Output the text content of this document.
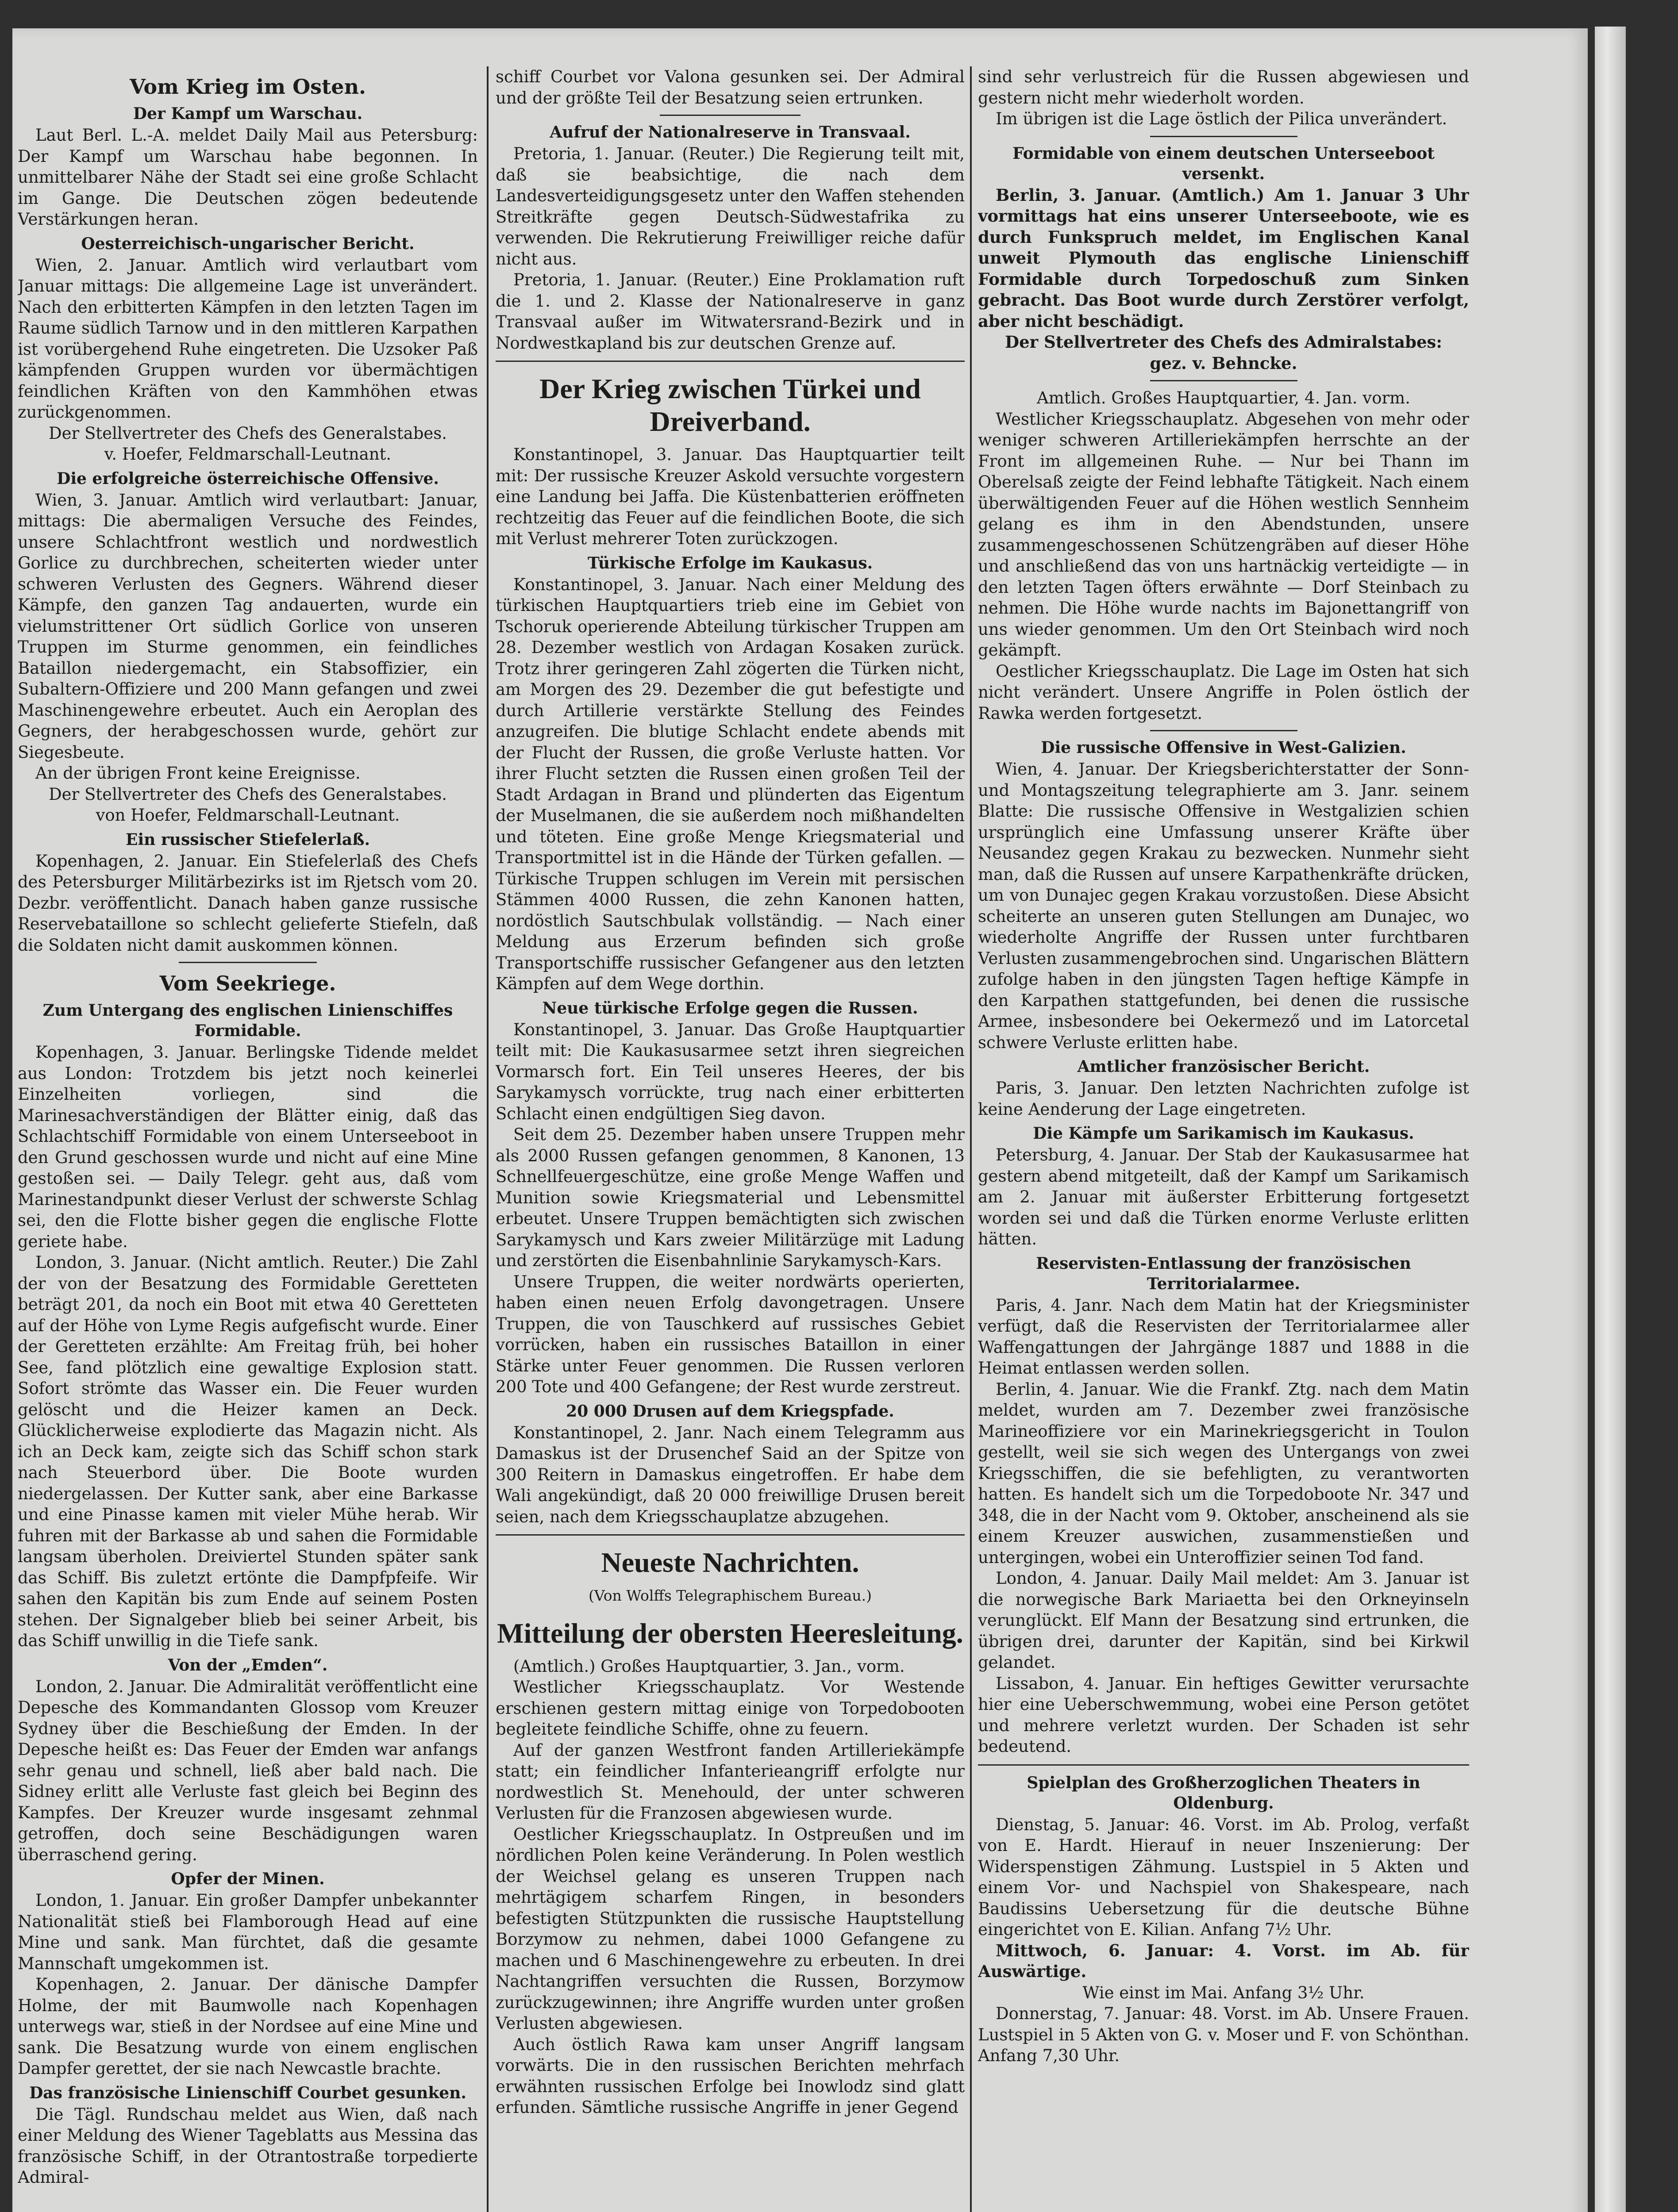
Vom Krieg im Osten.
Der Kampf um Warschau.

Laut Berl. L.-A. meldet Daily Mail aus Petersburg: Der Kampf um Warschau habe begonnen. In unmittelbarer Nähe der Stadt sei eine große Schlacht im Gange. Die Deutschen zögen bedeutende Verstärkungen heran.

Oesterreichisch-ungarischer Bericht.

Wien, 2. Januar. Amtlich wird verlautbart vom Januar mittags: Die allgemeine Lage ist unverändert. Nach den erbitterten Kämpfen in den letzten Tagen im Raume südlich Tarnow und in den mittleren Karpathen ist vorübergehend Ruhe eingetreten. Die Uzsoker Paß kämpfenden Gruppen wurden vor übermächtigen feindlichen Kräften von den Kammhöhen etwas zurückgenommen.

Der Stellvertreter des Chefs des Generalstabes.

v. Hoefer, Feldmarschall-Leutnant.

Die erfolgreiche österreichische Offensive.

Wien, 3. Januar. Amtlich wird verlautbart: Januar, mittags: Die abermaligen Versuche des Feindes, unsere Schlachtfront westlich und nordwestlich Gorlice zu durchbrechen, scheiterten wieder unter schweren Verlusten des Gegners. Während dieser Kämpfe, den ganzen Tag andauerten, wurde ein vielumstrittener Ort südlich Gorlice von unseren Truppen im Sturme genommen, ein feindliches Bataillon niedergemacht, ein Stabsoffizier, ein Subaltern-Offiziere und 200 Mann gefangen und zwei Maschinengewehre erbeutet. Auch ein Aeroplan des Gegners, der herabgeschossen wurde, gehört zur Siegesbeute.

An der übrigen Front keine Ereignisse.

Der Stellvertreter des Chefs des Generalstabes.

von Hoefer, Feldmarschall-Leutnant.

Ein russischer Stiefelerlaß.

Kopenhagen, 2. Januar. Ein Stiefelerlaß des Chefs des Petersburger Militärbezirks ist im Rjetsch vom 20. Dezbr. veröffentlicht. Danach haben ganze russische Reservebataillone so schlecht gelieferte Stiefeln, daß die Soldaten nicht damit auskommen können.

Vom Seekriege.
Zum Untergang des englischen Linienschiffes Formidable.

Kopenhagen, 3. Januar. Berlingske Tidende meldet aus London: Trotzdem bis jetzt noch keinerlei Einzelheiten vorliegen, sind die Marinesachverständigen der Blätter einig, daß das Schlachtschiff Formidable von einem Unterseeboot in den Grund geschossen wurde und nicht auf eine Mine gestoßen sei. — Daily Telegr. geht aus, daß vom Marinestandpunkt dieser Verlust der schwerste Schlag sei, den die Flotte bisher gegen die englische Flotte geriete habe.

London, 3. Januar. (Nicht amtlich. Reuter.) Die Zahl der von der Besatzung des Formidable Geretteten beträgt 201, da noch ein Boot mit etwa 40 Geretteten auf der Höhe von Lyme Regis aufgefischt wurde. Einer der Geretteten erzählte: Am Freitag früh, bei hoher See, fand plötzlich eine gewaltige Explosion statt. Sofort strömte das Wasser ein. Die Feuer wurden gelöscht und die Heizer kamen an Deck. Glücklicherweise explodierte das Magazin nicht. Als ich an Deck kam, zeigte sich das Schiff schon stark nach Steuerbord über. Die Boote wurden niedergelassen. Der Kutter sank, aber eine Barkasse und eine Pinasse kamen mit vieler Mühe herab. Wir fuhren mit der Barkasse ab und sahen die Formidable langsam überholen. Dreiviertel Stunden später sank das Schiff. Bis zuletzt ertönte die Dampfpfeife. Wir sahen den Kapitän bis zum Ende auf seinem Posten stehen. Der Signalgeber blieb bei seiner Arbeit, bis das Schiff unwillig in die Tiefe sank.

Von der „Emden“.

London, 2. Januar. Die Admiralität veröffentlicht eine Depesche des Kommandanten Glossop vom Kreuzer Sydney über die Beschießung der Emden. In der Depesche heißt es: Das Feuer der Emden war anfangs sehr genau und schnell, ließ aber bald nach. Die Sidney erlitt alle Verluste fast gleich bei Beginn des Kampfes. Der Kreuzer wurde insgesamt zehnmal getroffen, doch seine Beschädigungen waren überraschend gering.

Opfer der Minen.

London, 1. Januar. Ein großer Dampfer unbekannter Nationalität stieß bei Flamborough Head auf eine Mine und sank. Man fürchtet, daß die gesamte Mannschaft umgekommen ist.

Kopenhagen, 2. Januar. Der dänische Dampfer Holme, der mit Baumwolle nach Kopenhagen unterwegs war, stieß in der Nordsee auf eine Mine und sank. Die Besatzung wurde von einem englischen Dampfer gerettet, der sie nach Newcastle brachte.

Das französische Linienschiff Courbet gesunken.

Die Tägl. Rundschau meldet aus Wien, daß nach einer Meldung des Wiener Tageblatts aus Messina das französische Schiff, in der Otrantostraße torpedierte Admiral-

schiff Courbet vor Valona gesunken sei. Der Admiral und der größte Teil der Besatzung seien ertrunken.

Aufruf der Nationalreserve in Transvaal.

Pretoria, 1. Januar. (Reuter.) Die Regierung teilt mit, daß sie beabsichtige, die nach dem Landesverteidigungsgesetz unter den Waffen stehenden Streitkräfte gegen Deutsch-Südwestafrika zu verwenden. Die Rekrutierung Freiwilliger reiche dafür nicht aus.

Pretoria, 1. Januar. (Reuter.) Eine Proklamation ruft die 1. und 2. Klasse der Nationalreserve in ganz Transvaal außer im Witwatersrand-Bezirk und in Nordwestkapland bis zur deutschen Grenze auf.

Der Krieg zwischen Türkei und Dreiverband.

Konstantinopel, 3. Januar. Das Hauptquartier teilt mit: Der russische Kreuzer Askold versuchte vorgestern eine Landung bei Jaffa. Die Küstenbatterien eröffneten rechtzeitig das Feuer auf die feindlichen Boote, die sich mit Verlust mehrerer Toten zurückzogen.

Türkische Erfolge im Kaukasus.

Konstantinopel, 3. Januar. Nach einer Meldung des türkischen Hauptquartiers trieb eine im Gebiet von Tschoruk operierende Abteilung türkischer Truppen am 28. Dezember westlich von Ardagan Kosaken zurück. Trotz ihrer geringeren Zahl zögerten die Türken nicht, am Morgen des 29. Dezember die gut befestigte und durch Artillerie verstärkte Stellung des Feindes anzugreifen. Die blutige Schlacht endete abends mit der Flucht der Russen, die große Verluste hatten. Vor ihrer Flucht setzten die Russen einen großen Teil der Stadt Ardagan in Brand und plünderten das Eigentum der Muselmanen, die sie außerdem noch mißhandelten und töteten. Eine große Menge Kriegsmaterial und Transportmittel ist in die Hände der Türken gefallen. — Türkische Truppen schlugen im Verein mit persischen Stämmen 4000 Russen, die zehn Kanonen hatten, nordöstlich Sautschbulak vollständig. — Nach einer Meldung aus Erzerum befinden sich große Transportschiffe russischer Gefangener aus den letzten Kämpfen auf dem Wege dorthin.

Neue türkische Erfolge gegen die Russen.

Konstantinopel, 3. Januar. Das Große Hauptquartier teilt mit: Die Kaukasusarmee setzt ihren siegreichen Vormarsch fort. Ein Teil unseres Heeres, der bis Sarykamysch vorrückte, trug nach einer erbitterten Schlacht einen endgültigen Sieg davon.

Seit dem 25. Dezember haben unsere Truppen mehr als 2000 Russen gefangen genommen, 8 Kanonen, 13 Schnellfeuergeschütze, eine große Menge Waffen und Munition sowie Kriegsmaterial und Lebensmittel erbeutet. Unsere Truppen bemächtigten sich zwischen Sarykamysch und Kars zweier Militärzüge mit Ladung und zerstörten die Eisenbahnlinie Sarykamysch-Kars.

Unsere Truppen, die weiter nordwärts operierten, haben einen neuen Erfolg davongetragen. Unsere Truppen, die von Tauschkerd auf russisches Gebiet vorrücken, haben ein russisches Bataillon in einer Stärke unter Feuer genommen. Die Russen verloren 200 Tote und 400 Gefangene; der Rest wurde zerstreut.

20 000 Drusen auf dem Kriegspfade.

Konstantinopel, 2. Janr. Nach einem Telegramm aus Damaskus ist der Drusenchef Said an der Spitze von 300 Reitern in Damaskus eingetroffen. Er habe dem Wali angekündigt, daß 20 000 freiwillige Drusen bereit seien, nach dem Kriegsschauplatze abzugehen.

Neueste Nachrichten.
(Von Wolffs Telegraphischem Bureau.)
Mitteilung der obersten Heeresleitung.

(Amtlich.) Großes Hauptquartier, 3. Jan., vorm.

Westlicher Kriegsschauplatz. Vor Westende erschienen gestern mittag einige von Torpedobooten begleitete feindliche Schiffe, ohne zu feuern.

Auf der ganzen Westfront fanden Artilleriekämpfe statt; ein feindlicher Infanterieangriff erfolgte nur nordwestlich St. Menehould, der unter schweren Verlusten für die Franzosen abgewiesen wurde.

Oestlicher Kriegsschauplatz. In Ostpreußen und im nördlichen Polen keine Veränderung. In Polen westlich der Weichsel gelang es unseren Truppen nach mehrtägigem scharfem Ringen, in besonders befestigten Stützpunkten die russische Hauptstellung Borzymow zu nehmen, dabei 1000 Gefangene zu machen und 6 Maschinengewehre zu erbeuten. In drei Nachtangriffen versuchten die Russen, Borzymow zurückzugewinnen; ihre Angriffe wurden unter großen Verlusten abgewiesen.

Auch östlich Rawa kam unser Angriff langsam vorwärts. Die in den russischen Berichten mehrfach erwähnten russischen Erfolge bei Inowlodz sind glatt erfunden. Sämtliche russische Angriffe in jener Gegend

sind sehr verlustreich für die Russen abgewiesen und gestern nicht mehr wiederholt worden.

Im übrigen ist die Lage östlich der Pilica unverändert.

Formidable von einem deutschen Unterseeboot versenkt.

Berlin, 3. Januar. (Amtlich.) Am 1. Januar 3 Uhr vormittags hat eins unserer Unterseeboote, wie es durch Funkspruch meldet, im Englischen Kanal unweit Plymouth das englische Linienschiff Formidable durch Torpedoschuß zum Sinken gebracht. Das Boot wurde durch Zerstörer verfolgt, aber nicht beschädigt.

Der Stellvertreter des Chefs des Admiralstabes:

gez. v. Behncke.

Amtlich. Großes Hauptquartier, 4. Jan. vorm.

Westlicher Kriegsschauplatz. Abgesehen von mehr oder weniger schweren Artilleriekämpfen herrschte an der Front im allgemeinen Ruhe. — Nur bei Thann im Oberelsaß zeigte der Feind lebhafte Tätigkeit. Nach einem überwältigenden Feuer auf die Höhen westlich Sennheim gelang es ihm in den Abendstunden, unsere zusammengeschossenen Schützengräben auf dieser Höhe und anschließend das von uns hartnäckig verteidigte — in den letzten Tagen öfters erwähnte — Dorf Steinbach zu nehmen. Die Höhe wurde nachts im Bajonettangriff von uns wieder genommen. Um den Ort Steinbach wird noch gekämpft.

Oestlicher Kriegsschauplatz. Die Lage im Osten hat sich nicht verändert. Unsere Angriffe in Polen östlich der Rawka werden fortgesetzt.

Die russische Offensive in West-Galizien.

Wien, 4. Januar. Der Kriegsberichterstatter der Sonn- und Montagszeitung telegraphierte am 3. Janr. seinem Blatte: Die russische Offensive in Westgalizien schien ursprünglich eine Umfassung unserer Kräfte über Neusandez gegen Krakau zu bezwecken. Nunmehr sieht man, daß die Russen auf unsere Karpathenkräfte drücken, um von Dunajec gegen Krakau vorzustoßen. Diese Absicht scheiterte an unseren guten Stellungen am Dunajec, wo wiederholte Angriffe der Russen unter furchtbaren Verlusten zusammengebrochen sind. Ungarischen Blättern zufolge haben in den jüngsten Tagen heftige Kämpfe in den Karpathen stattgefunden, bei denen die russische Armee, insbesondere bei Oekermező und im Latorcetal schwere Verluste erlitten habe.

Amtlicher französischer Bericht.

Paris, 3. Januar. Den letzten Nachrichten zufolge ist keine Aenderung der Lage eingetreten.

Die Kämpfe um Sarikamisch im Kaukasus.

Petersburg, 4. Januar. Der Stab der Kaukasusarmee hat gestern abend mitgeteilt, daß der Kampf um Sarikamisch am 2. Januar mit äußerster Erbitterung fortgesetzt worden sei und daß die Türken enorme Verluste erlitten hätten.

Reservisten-Entlassung der französischen Territorialarmee.

Paris, 4. Janr. Nach dem Matin hat der Kriegsminister verfügt, daß die Reservisten der Territorialarmee aller Waffengattungen der Jahrgänge 1887 und 1888 in die Heimat entlassen werden sollen.

Berlin, 4. Januar. Wie die Frankf. Ztg. nach dem Matin meldet, wurden am 7. Dezember zwei französische Marineoffiziere vor ein Marinekriegsgericht in Toulon gestellt, weil sie sich wegen des Untergangs von zwei Kriegsschiffen, die sie befehligten, zu verantworten hatten. Es handelt sich um die Torpedoboote Nr. 347 und 348, die in der Nacht vom 9. Oktober, anscheinend als sie einem Kreuzer auswichen, zusammenstießen und untergingen, wobei ein Unteroffizier seinen Tod fand.

London, 4. Januar. Daily Mail meldet: Am 3. Januar ist die norwegische Bark Mariaetta bei den Orkneyinseln verunglückt. Elf Mann der Besatzung sind ertrunken, die übrigen drei, darunter der Kapitän, sind bei Kirkwil gelandet.

Lissabon, 4. Januar. Ein heftiges Gewitter verursachte hier eine Ueberschwemmung, wobei eine Person getötet und mehrere verletzt wurden. Der Schaden ist sehr bedeutend.

Spielplan des Großherzoglichen Theaters in Oldenburg.

Dienstag, 5. Januar: 46. Vorst. im Ab. Prolog, verfaßt von E. Hardt. Hierauf in neuer Inszenierung: Der Widerspenstigen Zähmung. Lustspiel in 5 Akten und einem Vor- und Nachspiel von Shakespeare, nach Baudissins Uebersetzung für die deutsche Bühne eingerichtet von E. Kilian. Anfang 7½ Uhr.

Mittwoch, 6. Januar: 4. Vorst. im Ab. für Auswärtige.

Wie einst im Mai. Anfang 3½ Uhr.

Donnerstag, 7. Januar: 48. Vorst. im Ab. Unsere Frauen. Lustspiel in 5 Akten von G. v. Moser und F. von Schönthan. Anfang 7,30 Uhr.
